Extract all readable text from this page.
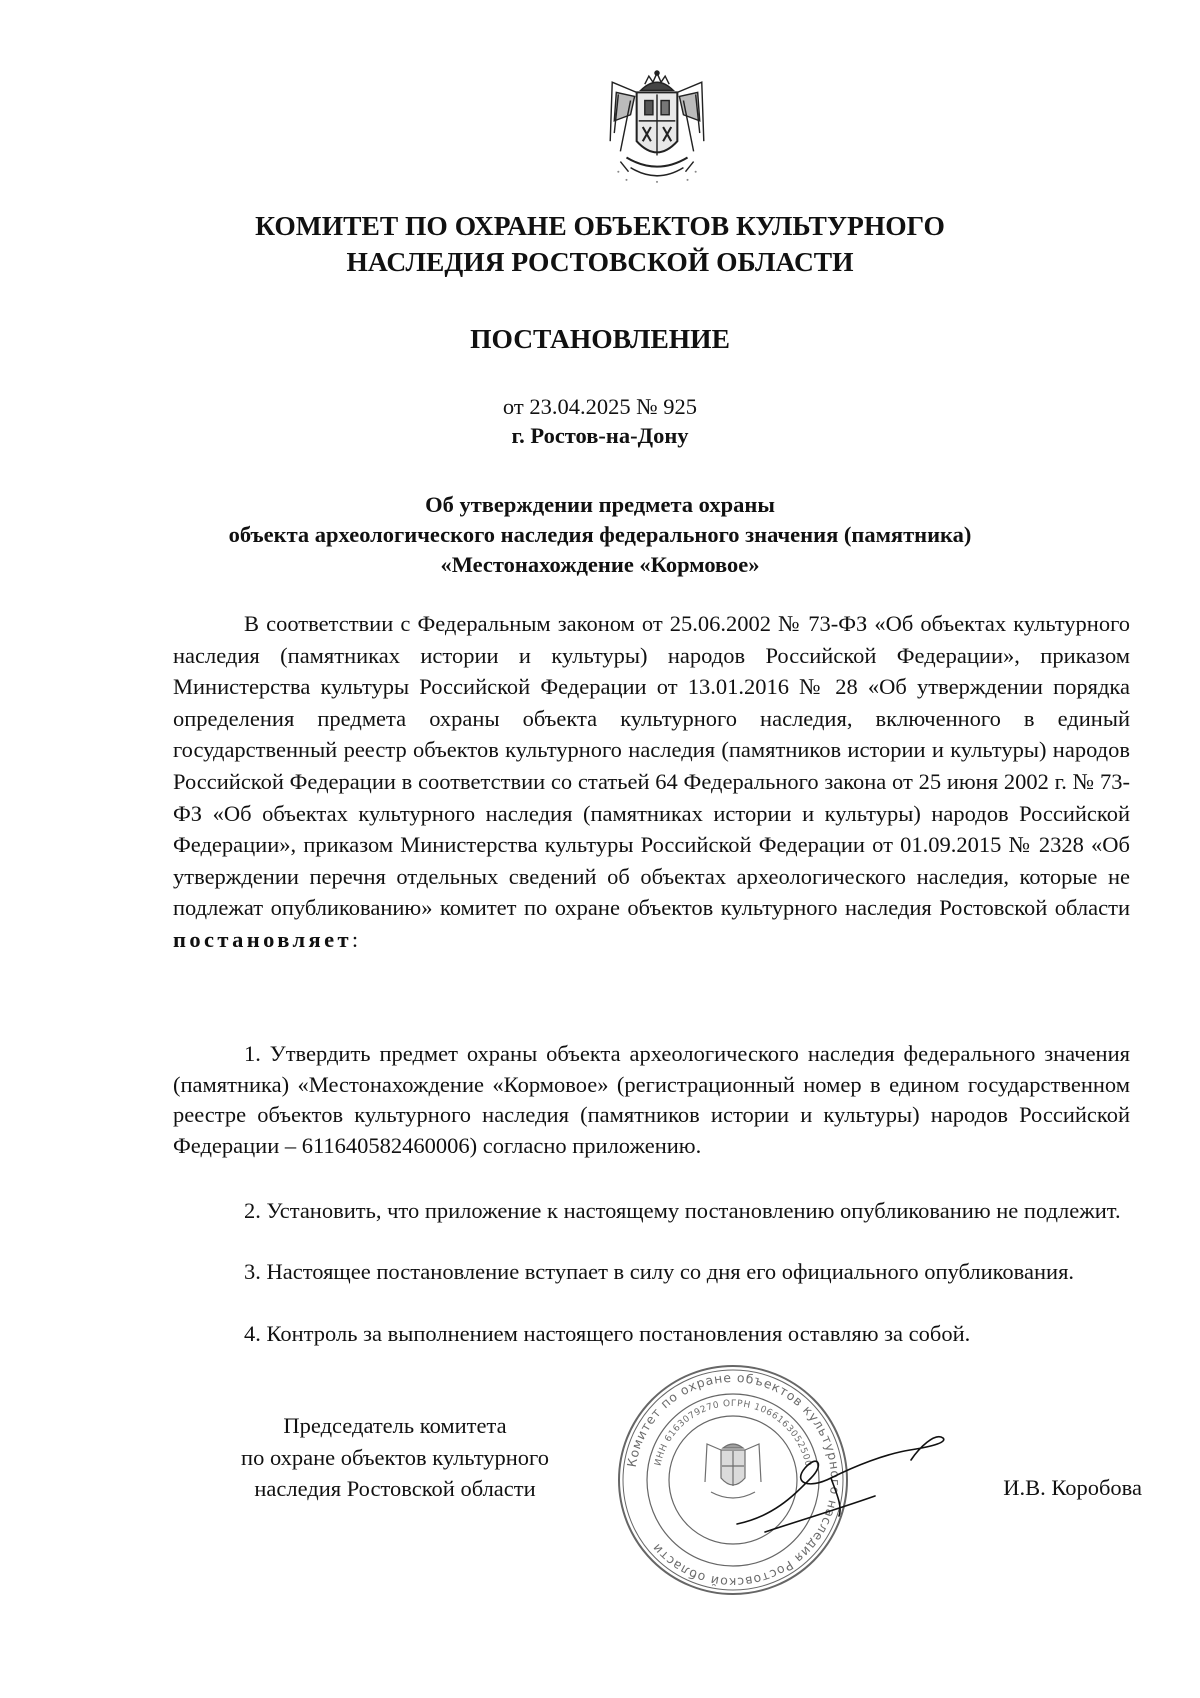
КОМИТЕТ ПО ОХРАНЕ ОБЪЕКТОВ КУЛЬТУРНОГО
НАСЛЕДИЯ РОСТОВСКОЙ ОБЛАСТИ
ПОСТАНОВЛЕНИЕ
от 23.04.2025 № 925
г. Ростов-на-Дону
Об утверждении предмета охраны
объекта археологического наследия федерального значения (памятника)
«Местонахождение «Кормовое»

В соответствии с Федеральным законом от 25.06.2002 № 73-ФЗ «Об объектах культурного наследия (памятниках истории и культуры) народов Российской Федерации», приказом Министерства культуры Российской Федерации от 13.01.2016 № 28 «Об утверждении порядка определения предмета охраны объекта культурного наследия, включенного в единый государственный реестр объектов культурного наследия (памятников истории и культуры) народов Российской Федерации в соответствии со статьей 64 Федерального закона от 25 июня 2002 г. № 73-ФЗ «Об объектах культурного наследия (памятниках истории и культуры) народов Российской Федерации», приказом Министерства культуры Российской Федерации от 01.09.2015 № 2328 «Об утверждении перечня отдельных сведений об объектах археологического наследия, которые не подлежат опубликованию» комитет по охране объектов культурного наследия Ростовской области постановляет:

1. Утвердить предмет охраны объекта археологического наследия федерального значения (памятника) «Местонахождение «Кормовое» (регистрационный номер в едином государственном реестре объектов культурного наследия (памятников истории и культуры) народов Российской Федерации – 611640582460006) согласно приложению.

2. Установить, что приложение к настоящему постановлению опубликованию не подлежит.

3. Настоящее постановление вступает в силу со дня его официального опубликования.

4. Контроль за выполнением настоящего постановления оставляю за собой.

Председатель комитета
по охране объектов культурного
наследия Ростовской области
Комитет по охране объектов культурного наследия Ростовской области
ИНН 6163079270 ОГРН 1066163052500
И.В. Коробова
